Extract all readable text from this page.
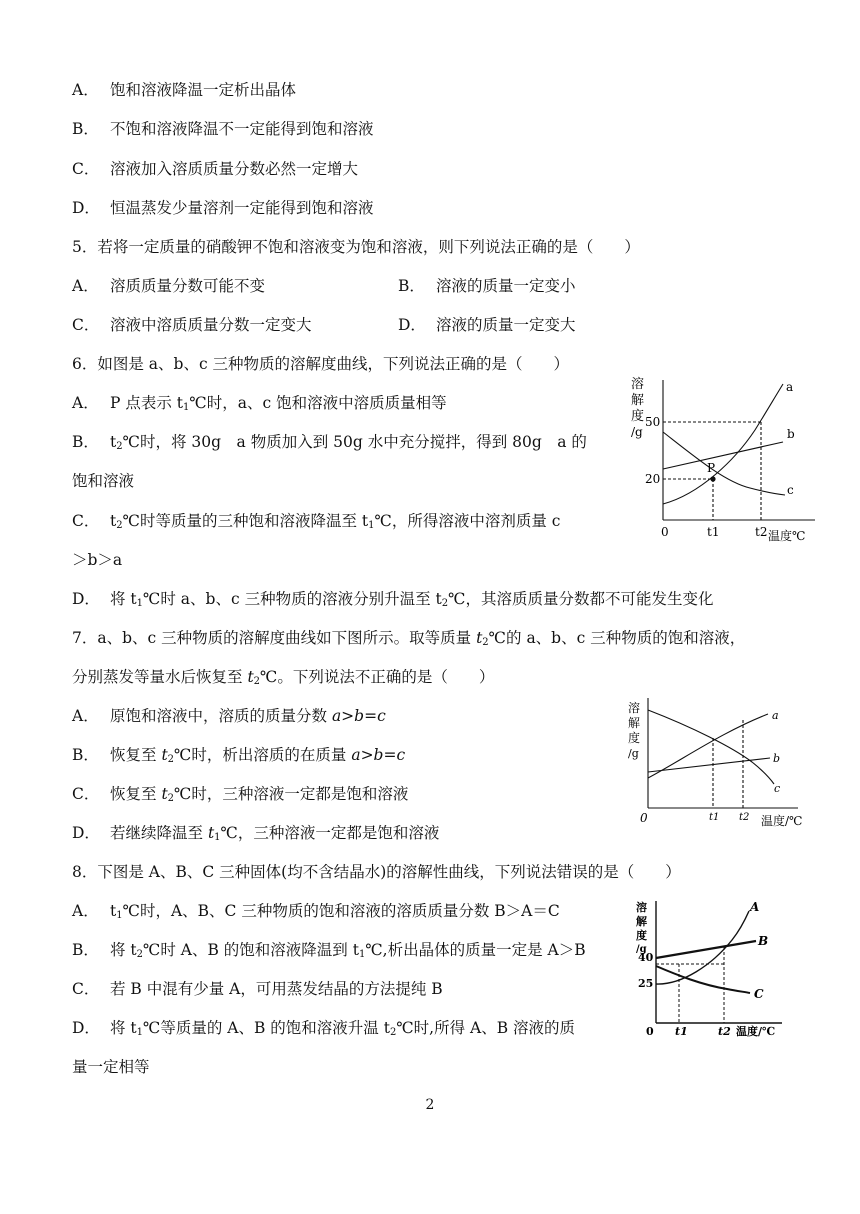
A． 饱和溶液降温一定析出晶体
B． 不饱和溶液降温不一定能得到饱和溶液
C． 溶液加入溶质质量分数必然一定增大
D． 恒温蒸发少量溶剂一定能得到饱和溶液
5．若将一定质量的硝酸钾不饱和溶液变为饱和溶液，则下列说法正确的是（　　）
A． 溶质质量分数可能不变	B． 溶液的质量一定变小
C． 溶液中溶质质量分数一定变大	D． 溶液的质量一定变大
6．如图是 a、b、c 三种物质的溶解度曲线，下列说法正确的是（　　）
A． P 点表示 $t_1℃$时，a、c 饱和溶液中溶质质量相等
B． $t_2℃$时，将 30g　a 物质加入到 50g 水中充分搅拌，得到 80g　a 的
饱和溶液
C． $t_2℃$时等质量的三种饱和溶液降温至 $t_1℃$，所得溶液中溶剂质量 c
＞b＞a
D． 将 $t_1℃$时 a、b、c 三种物质的溶液分别升温至 $t_2℃$，其溶质质量分数都不可能发生变化
溶
解
度
/g
50
20
0	t1	t2 温度℃
a
b
c
P
7．a、b、c 三种物质的溶解度曲线如下图所示。取等质量 $t_2℃$的 a、b、c 三种物质的饱和溶液，
分别蒸发等量水后恢复至 $t_2℃$。下列说法不正确的是（　　）
A． 原饱和溶液中，溶质的质量分数 a>b=c
B． 恢复至 $t_2℃$时，析出溶质的在质量 a>b=c
C． 恢复至 $t_2℃$时，三种溶液一定都是饱和溶液
D． 若继续降温至 $t_1℃$，三种溶液一定都是饱和溶液
溶
解
度
/g
0	t1 t2 温度/℃
a
b
c
8．下图是 A、B、C 三种固体(均不含结晶水)的溶解性曲线，下列说法错误的是（　　）
A． $t_1℃$时，A、B、C 三种物质的饱和溶液的溶质质量分数 B＞A＝C
B． 将 $t_2℃$时 A、B 的饱和溶液降温到 $t_1℃$,析出晶体的质量一定是 A＞B
C． 若 B 中混有少量 A，可用蒸发结晶的方法提纯 B
D． 将 $t_1℃$等质量的 A、B 的饱和溶液升温 $t_2℃$时,所得 A、B 溶液的质
量一定相等
溶
解
度
/g
40
25
0 t1	t2 温度/℃
A
B
C
2
